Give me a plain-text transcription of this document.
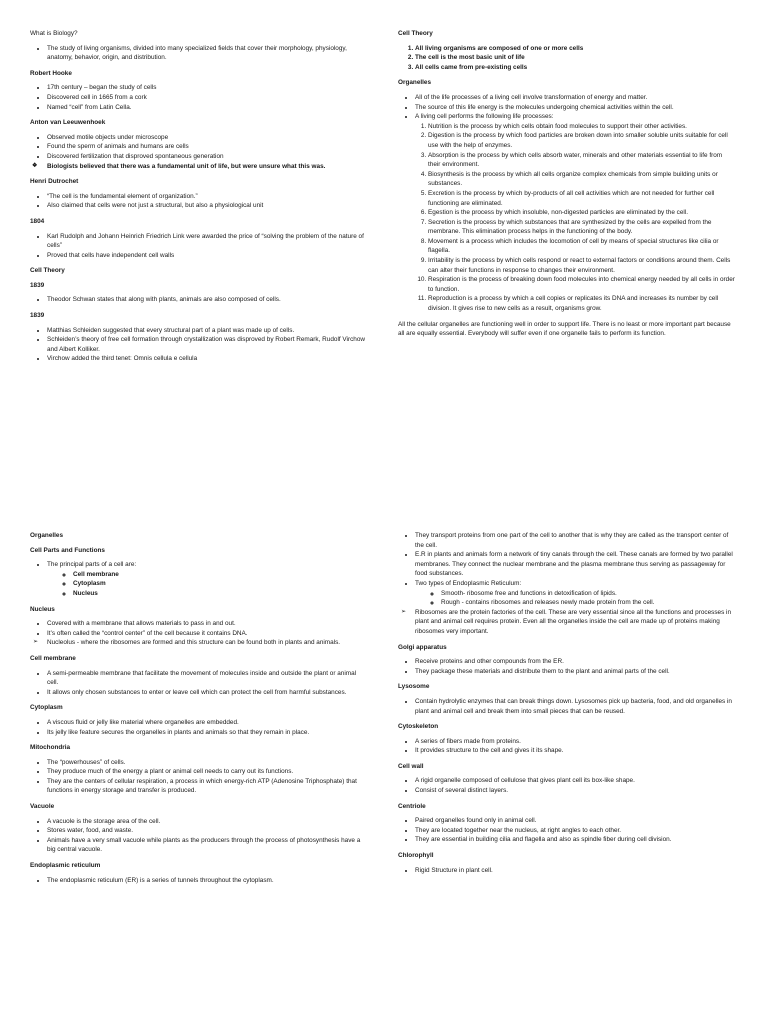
What is Biology?
• The study of living organisms, divided into many specialized fields that cover their morphology, physiology, anatomy, behavior, origin, and distribution.
Robert Hooke
• 17th century – began the study of cells
• Discovered cell in 1665 from a cork
• Named “cell” from Latin Cella.
Anton van Leeuwenhoek
• Observed motile objects under microscope
• Found the sperm of animals and humans are cells
• Discovered fertilization that disproved spontaneous generation
❖ Biologists believed that there was a fundamental unit of life, but were unsure what this was.
Henri Dutrochet
• “The cell is the fundamental element of organization.”
• Also claimed that cells were not just a structural, but also a physiological unit
1804
• Karl Rudolph and Johann Heinrich Friedrich Link were awarded the price of “solving the problem of the nature of cells”
• Proved that cells have independent cell walls
Cell Theory
1839
• Theodor Schwan states that along with plants, animals are also composed of cells.
1839
• Matthias Schleiden suggested that every structural part of a plant was made up of cells.
• Schleiden’s theory of free cell formation through crystallization was disproved by Robert Remark, Rudolf Virchow and Albert Kolliker.
• Virchow added the third tenet: Omnis cellula e cellula
Cell Theory
1. All living organisms are composed of one or more cells
2. The cell is the most basic unit of life
3. All cells came from pre-existing cells
Organelles
• All of the life processes of a living cell involve transformation of energy and matter.
• The source of this life energy is the molecules undergoing chemical activities within the cell.
• A living cell performs the following life processes:
1. Nutrition is the process by which cells obtain food molecules to support their other activities.
2. Digestion is the process by which food particles are broken down into smaller soluble units suitable for cell use with the help of enzymes.
3. Absorption is the process by which cells absorb water, minerals and other materials essential to life from their environment.
4. Biosynthesis is the process by which all cells organize complex chemicals from simple building units or substances.
5. Excretion is the process by which by-products of all cell activities which are not needed for further cell functioning are eliminated.
6. Egestion is the process by which insoluble, non-digested particles are eliminated by the cell.
7. Secretion is the process by which substances that are synthesized by the cells are expelled from the membrane. This elimination process helps in the functioning of the body.
8. Movement is a process which includes the locomotion of cell by means of special structures like cilia or flagella.
9. Irritability is the process by which cells respond or react to external factors or conditions around them. Cells can alter their functions in response to changes their environment.
10. Respiration is the process of breaking down food molecules into chemical energy needed by all cells in order to function.
11. Reproduction is a process by which a cell copies or replicates its DNA and increases its number by cell division. It gives rise to new cells as a result, organisms grow.

All the cellular organelles are functioning well in order to support life. There is no least or more important part because all are equally essential. Everybody will suffer even if one organelle fails to perform its function.

Organelles
Cell Parts and Functions
• The principal parts of a cell are:
◦ Cell membrane
◦ Cytoplasm
◦ Nucleus
Nucleus
• Covered with a membrane that allows materials to pass in and out.
• It’s often called the “control center” of the cell because it contains DNA.
➢ Nucleolus - where the ribosomes are formed and this structure can be found both in plants and animals.
Cell membrane
• A semi-permeable membrane that facilitate the movement of molecules inside and outside the plant or animal cell.
• It allows only chosen substances to enter or leave cell which can protect the cell from harmful substances.
Cytoplasm
• A viscous fluid or jelly like material where organelles are embedded.
• Its jelly like feature secures the organelles in plants and animals so that they remain in place.
Mitochondria
• The “powerhouses” of cells.
• They produce much of the energy a plant or animal cell needs to carry out its functions.
• They are the centers of cellular respiration, a process in which energy-rich ATP (Adenosine Triphosphate) that functions in energy storage and transfer is produced.
Vacuole
• A vacuole is the storage area of the cell.
• Stores water, food, and waste.
• Animals have a very small vacuole while plants as the producers through the process of photosynthesis have a big central vacuole.
Endoplasmic reticulum
• The endoplasmic reticulum (ER) is a series of tunnels throughout the cytoplasm.
• They transport proteins from one part of the cell to another that is why they are called as the transport center of the cell.
• E.R in plants and animals form a network of tiny canals through the cell. These canals are formed by two parallel membranes. They connect the nuclear membrane and the plasma membrane thus serving as passageway for food substances.
• Two types of Endoplasmic Reticulum:
◦ Smooth- ribosome free and functions in detoxification of lipids.
◦ Rough - contains ribosomes and releases newly made protein from the cell.
➢ Ribosomes are the protein factories of the cell. These are very essential since all the functions and processes in plant and animal cell requires protein. Even all the organelles inside the cell are made up of proteins making ribosomes very important.
Golgi apparatus
• Receive proteins and other compounds from the ER.
• They package these materials and distribute them to the plant and animal parts of the cell.
Lysosome
• Contain hydrolytic enzymes that can break things down. Lysosomes pick up bacteria, food, and old organelles in plant and animal cell and break them into small pieces that can be reused.
Cytoskeleton
• A series of fibers made from proteins.
• It provides structure to the cell and gives it its shape.
Cell wall
• A rigid organelle composed of cellulose that gives plant cell its box-like shape.
• Consist of several distinct layers.
Centriole
• Paired organelles found only in animal cell.
• They are located together near the nucleus, at right angles to each other.
• They are essential in building cilia and flagella and also as spindle fiber during cell division.
Chlorophyll
• Rigid Structure in plant cell.
